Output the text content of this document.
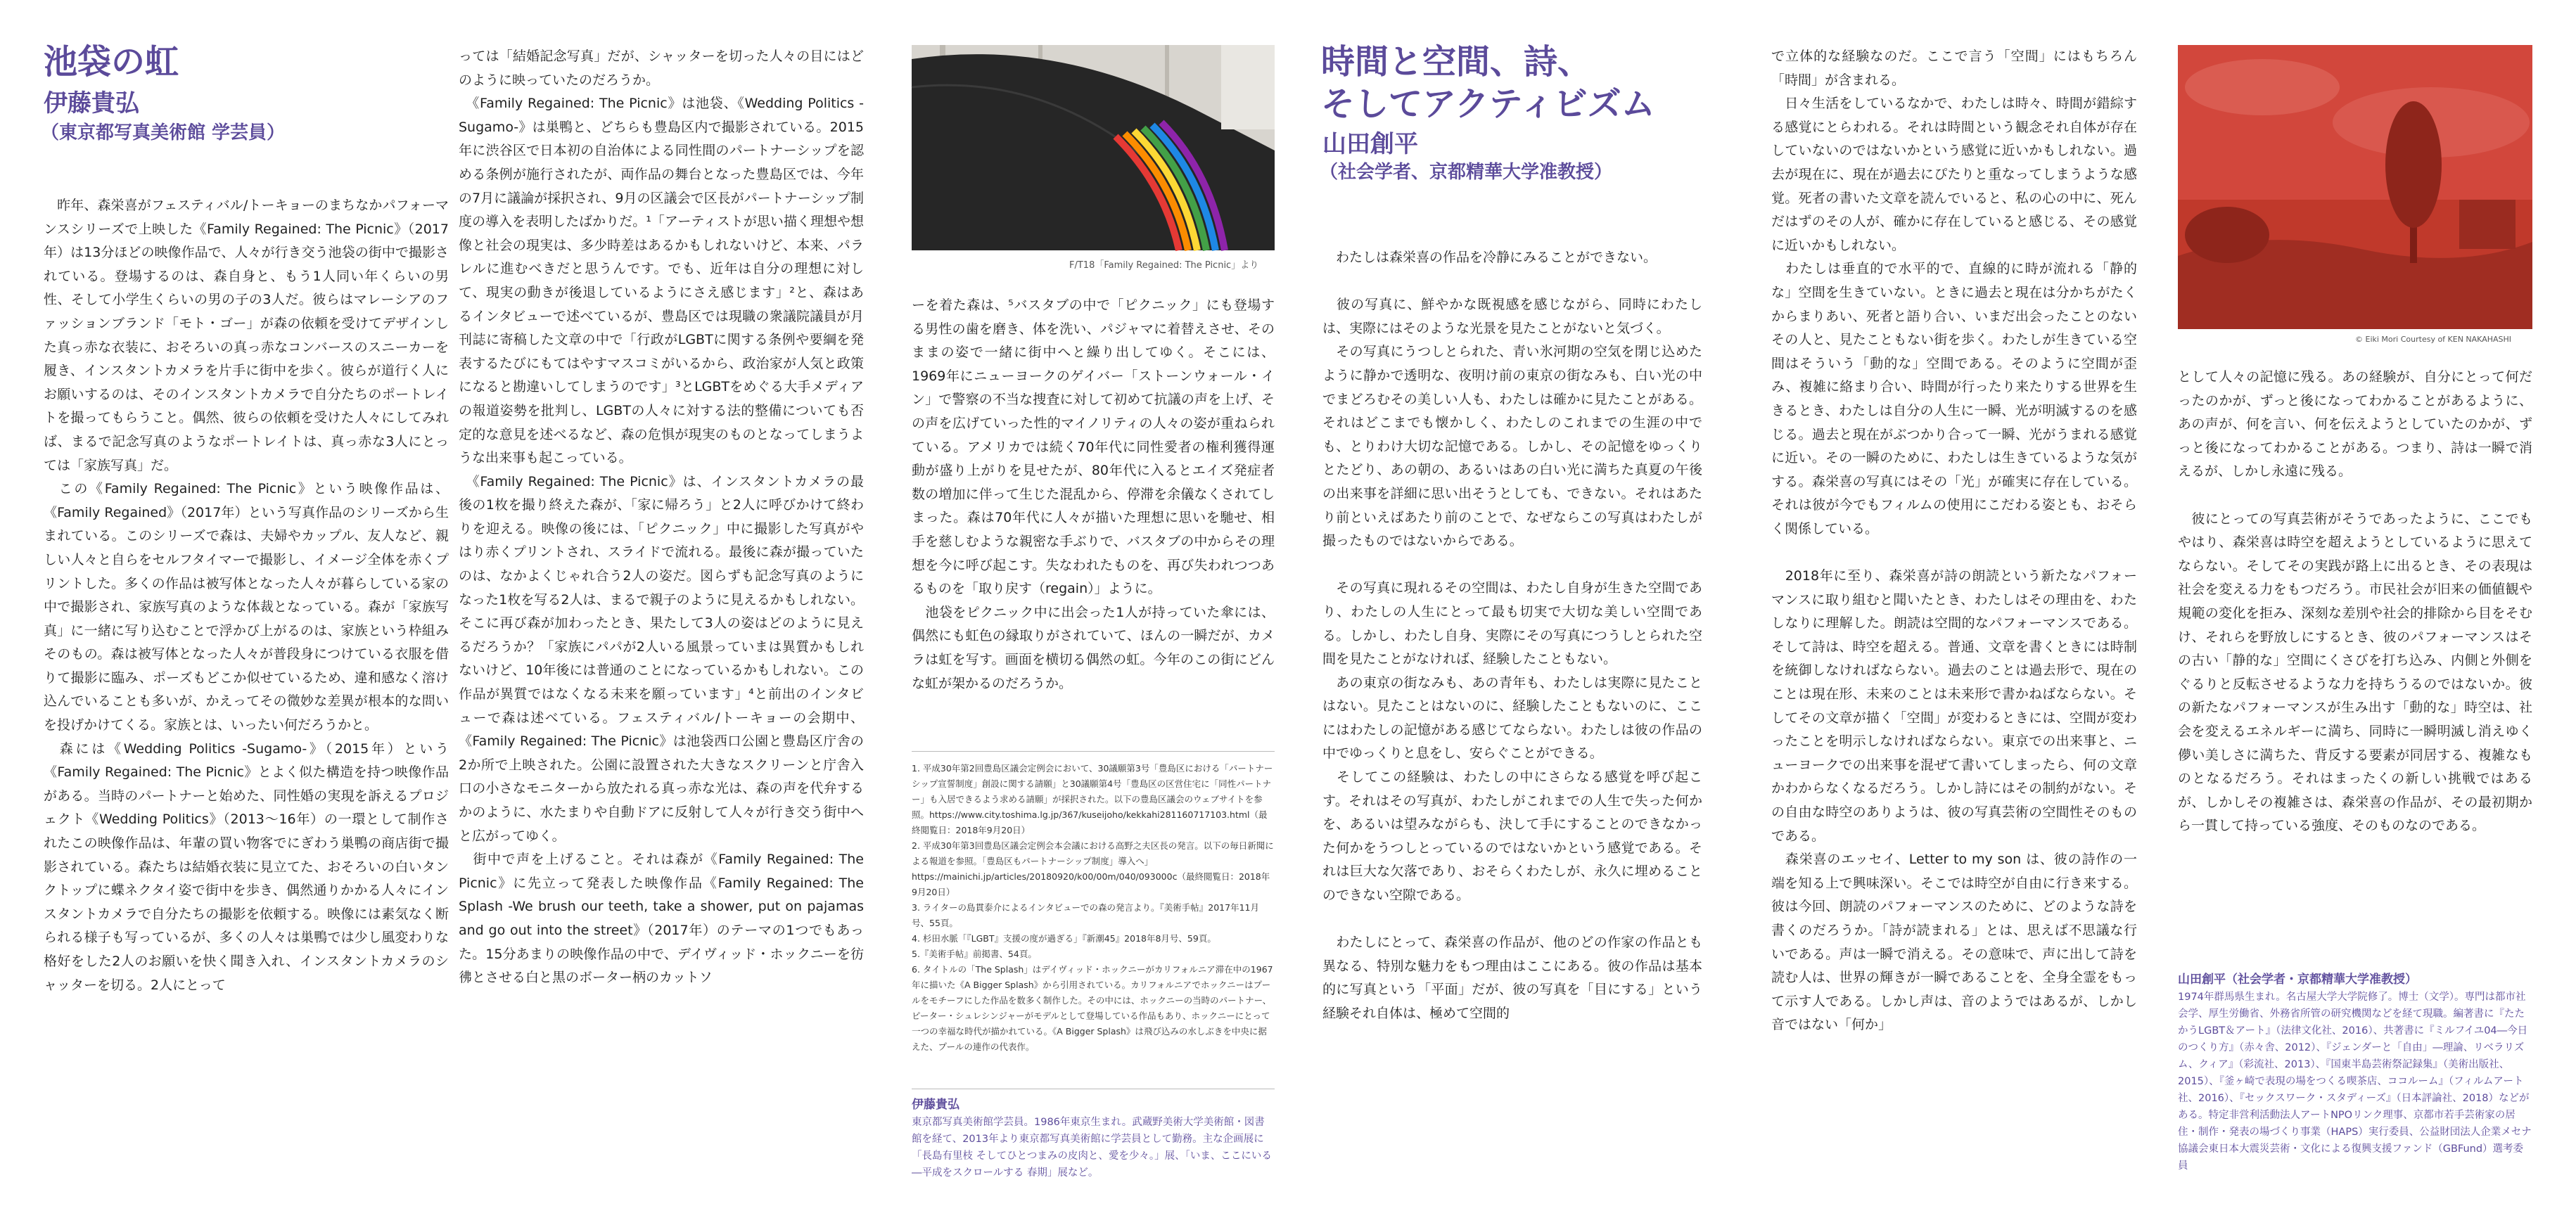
池袋の虹
伊藤貴弘
（東京都写真美術館 学芸員）
　昨年、森栄喜がフェスティバル/トーキョーのまちなかパフォーマンスシリーズで上映した《Family Regained: The Picnic》（2017年）は13分ほどの映像作品で、人々が行き交う池袋の街中で撮影されている。登場するのは、森自身と、もう1人同い年くらいの男性、そして小学生くらいの男の子の3人だ。彼らはマレーシアのファッションブランド「モト・ゴー」が森の依頼を受けてデザインした真っ赤な衣装に、おそろいの真っ赤なコンバースのスニーカーを履き、インスタントカメラを片手に街中を歩く。彼らが道行く人にお願いするのは、そのインスタントカメラで自分たちのポートレイトを撮ってもらうこと。偶然、彼らの依頼を受けた人々にしてみれば、まるで記念写真のようなポートレイトは、真っ赤な3人にとっては「家族写真」だ。
　この《Family Regained: The Picnic》という映像作品は、《Family Regained》（2017年）という写真作品のシリーズから生まれている。このシリーズで森は、夫婦やカップル、友人など、親しい人々と自らをセルフタイマーで撮影し、イメージ全体を赤くプリントした。多くの作品は被写体となった人々が暮らしている家の中で撮影され、家族写真のような体裁となっている。森が「家族写真」に一緒に写り込むことで浮かび上がるのは、家族という枠組みそのもの。森は被写体となった人々が普段身につけている衣服を借りて撮影に臨み、ポーズもどこか似せているため、違和感なく溶け込んでいることも多いが、かえってその微妙な差異が根本的な問いを投げかけてくる。家族とは、いったい何だろうかと。
　森には《Wedding Politics -Sugamo-》（2015年）という《Family Regained: The Picnic》とよく似た構造を持つ映像作品がある。当時のパートナーと始めた、同性婚の実現を訴えるプロジェクト《Wedding Politics》（2013～16年）の一環として制作されたこの映像作品は、年輩の買い物客でにぎわう巣鴨の商店街で撮影されている。森たちは結婚衣装に見立てた、おそろいの白いタンクトップに蝶ネクタイ姿で街中を歩き、偶然通りかかる人々にインスタントカメラで自分たちの撮影を依頼する。映像には素気なく断られる様子も写っているが、多くの人々は巣鴨では少し風変わりな格好をした2人のお願いを快く聞き入れ、インスタントカメラのシャッターを切る。2人にとって
っては「結婚記念写真」だが、シャッターを切った人々の目にはどのように映っていたのだろうか。
　《Family Regained: The Picnic》は池袋、《Wedding Politics -Sugamo-》は巣鴨と、どちらも豊島区内で撮影されている。2015年に渋谷区で日本初の自治体による同性間のパートナーシップを認める条例が施行されたが、両作品の舞台となった豊島区では、今年の7月に議論が採択され、9月の区議会で区長がパートナーシップ制度の導入を表明したばかりだ。¹「アーティストが思い描く理想や想像と社会の現実は、多少時差はあるかもしれないけど、本来、パラレルに進むべきだと思うんです。でも、近年は自分の理想に対して、現実の動きが後退しているようにさえ感じます」²と、森はあるインタビューで述べているが、豊島区では現職の衆議院議員が月刊誌に寄稿した文章の中で「行政がLGBTに関する条例や要綱を発表するたびにもてはやすマスコミがいるから、政治家が人気と政策になると勘違いしてしまうのです」³とLGBTをめぐる大手メディアの報道姿勢を批判し、LGBTの人々に対する法的整備についても否定的な意見を述べるなど、森の危惧が現実のものとなってしまうような出来事も起こっている。
　《Family Regained: The Picnic》は、インスタントカメラの最後の1枚を撮り終えた森が、「家に帰ろう」と2人に呼びかけて終わりを迎える。映像の後には、「ピクニック」中に撮影した写真がやはり赤くプリントされ、スライドで流れる。最後に森が撮っていたのは、なかよくじゃれ合う2人の姿だ。図らずも記念写真のようになった1枚を写る2人は、まるで親子のように見えるかもしれない。そこに再び森が加わったとき、果たして3人の姿はどのように見えるだろうか？「家族にパパが2人いる風景っていまは異質かもしれないけど、10年後には普通のことになっているかもしれない。この作品が異質ではなくなる未来を願っています」⁴と前出のインタビューで森は述べている。フェスティバル/トーキョーの会期中、《Family Regained: The Picnic》は池袋西口公園と豊島区庁舎の2か所で上映された。公園に設置された大きなスクリーンと庁舎入口の小さなモニターから放たれる真っ赤な光は、森の声を代弁するかのように、水たまりや自動ドアに反射して人々が行き交う街中へと広がってゆく。
　街中で声を上げること。それは森が《Family Regained: The Picnic》に先立って発表した映像作品《Family Regained: The Splash -We brush our teeth, take a shower, put on pajamas and go out into the street》（2017年）のテーマの1つでもあった。15分あまりの映像作品の中で、デイヴィッド・ホックニーを彷彿とさせる白と黒のボーター柄のカットソ
F/T18「Family Regained: The Picnic」より
ーを着た森は、⁵バスタブの中で「ピクニック」にも登場する男性の歯を磨き、体を洗い、パジャマに着替えさせ、そのままの姿で一緒に街中へと繰り出してゆく。そこには、1969年にニューヨークのゲイバー「ストーンウォール・イン」で警察の不当な捜査に対して初めて抗議の声を上げ、その声を広げていった性的マイノリティの人々の姿が重ねられている。アメリカでは続く70年代に同性愛者の権利獲得運動が盛り上がりを見せたが、80年代に入るとエイズ発症者数の増加に伴って生じた混乱から、停滞を余儀なくされてしまった。森は70年代に人々が描いた理想に思いを馳せ、相手を慈しむような親密な手ぶりで、バスタブの中からその理想を今に呼び起こす。失なわれたものを、再び失われつつあるものを「取り戻す（regain）」ように。
　池袋をピクニック中に出会った1人が持っていた傘には、偶然にも虹色の縁取りがされていて、ほんの一瞬だが、カメラは虹を写す。画面を横切る偶然の虹。今年のこの街にどんな虹が架かるのだろうか。
1. 平成30年第2回豊島区議会定例会において、30議願第3号「豊島区における「パートナーシップ宣誓制度」創設に関する請願」と30議願第4号「豊島区の区営住宅に「同性パートナー」も入居できるよう求める請願」が採択された。以下の豊島区議会のウェブサイトを参照。https://www.city.toshima.lg.jp/367/kuseijoho/kekkahi281160717103.html（最終閲覧日：2018年9月20日）
2. 平成30年第3回豊島区議会定例会本会議における高野之夫区長の発言。以下の毎日新聞による報道を参照。「豊島区もパートナーシップ制度」導入へ」https://mainichi.jp/articles/20180920/k00/00m/040/093000c（最終閲覧日：2018年9月20日）
3. ライターの島貫泰介によるインタビューでの森の発言より。『美術手帖』2017年11月号、55頁。
4. 杉田水脈「『LGBT』支援の度が過ぎる」『新潮45』2018年8月号、59頁。
5.『美術手帖』前掲書、54頁。
6. タイトルの「The Splash」はデイヴィッド・ホックニーがカリフォルニア滞在中の1967年に描いた《A Bigger Splash》から引用されている。カリフォルニアでホックニーはプールをモチーフにした作品を数多く制作した。その中には、ホックニーの当時のパートナー、ピーター・シュレシンジャーがモデルとして登場している作品もあり、ホックニーにとって一つの幸福な時代が描かれている。《A Bigger Splash》は飛び込みの水しぶきを中央に据えた、プールの連作の代表作。
伊藤貴弘
東京都写真美術館学芸員。1986年東京生まれ。武蔵野美術大学美術館・図書館を経て、2013年より東京都写真美術館に学芸員として勤務。主な企画展に「長島有里枝 そしてひとつまみの皮肉と、愛を少々。」展、「いま、ここにいる―平成をスクロールする 春期」展など。
時間と空間、詩、
そしてアクティビズム
山田創平
（社会学者、京都精華大学准教授）
　わたしは森栄喜の作品を冷静にみることができない。

　彼の写真に、鮮やかな既視感を感じながら、同時にわたしは、実際にはそのような光景を見たことがないと気づく。
　その写真にうつしとられた、青い氷河期の空気を閉じ込めたように静かで透明な、夜明け前の東京の街なみも、白い光の中でまどろむその美しい人も、わたしは確かに見たことがある。それはどこまでも懐かしく、わたしのこれまでの生涯の中でも、とりわけ大切な記憶である。しかし、その記憶をゆっくりとたどり、あの朝の、あるいはあの白い光に満ちた真夏の午後の出来事を詳細に思い出そうとしても、できない。それはあたり前といえばあたり前のことで、なぜならこの写真はわたしが撮ったものではないからである。

　その写真に現れるその空間は、わたし自身が生きた空間であり、わたしの人生にとって最も切実で大切な美しい空間である。しかし、わたし自身、実際にその写真につうしとられた空間を見たことがなければ、経験したこともない。
　あの東京の街なみも、あの青年も、わたしは実際に見たことはない。見たことはないのに、経験したこともないのに、ここにはわたしの記憶がある感じてならない。わたしは彼の作品の中でゆっくりと息をし、安らぐことができる。
　そしてこの経験は、わたしの中にさらなる感覚を呼び起こす。それはその写真が、わたしがこれまでの人生で失った何かを、あるいは望みながらも、決して手にすることのできなかった何かをうつしとっているのではないかという感覚である。それは巨大な欠落であり、おそらくわたしが、永久に埋めることのできない空隙である。

　わたしにとって、森栄喜の作品が、他のどの作家の作品とも異なる、特別な魅力をもつ理由はここにある。彼の作品は基本的に写真という「平面」だが、彼の写真を「目にする」という経験それ自体は、極めて空間的
で立体的な経験なのだ。ここで言う「空間」にはもちろん「時間」が含まれる。
　日々生活をしているなかで、わたしは時々、時間が錯綜する感覚にとらわれる。それは時間という観念それ自体が存在していないのではないかという感覚に近いかもしれない。過去が現在に、現在が過去にぴたりと重なってしまうような感覚。死者の書いた文章を読んでいると、私の心の中に、死んだはずのその人が、確かに存在していると感じる、その感覚に近いかもしれない。
　わたしは垂直的で水平的で、直線的に時が流れる「静的な」空間を生きていない。ときに過去と現在は分かちがたくからまりあい、死者と語り合い、いまだ出会ったことのないその人と、見たこともない街を歩く。わたしが生きている空間はそういう「動的な」空間である。そのように空間が歪み、複雑に絡まり合い、時間が行ったり来たりする世界を生きるとき、わたしは自分の人生に一瞬、光が明滅するのを感じる。過去と現在がぶつかり合って一瞬、光がうまれる感覚に近い。その一瞬のために、わたしは生きているような気がする。森栄喜の写真にはその「光」が確実に存在している。それは彼が今でもフィルムの使用にこだわる姿とも、おそらく関係している。

　2018年に至り、森栄喜が詩の朗読という新たなパフォーマンスに取り組むと聞いたとき、わたしはその理由を、わたしなりに理解した。朗読は空間的なパフォーマンスである。そして詩は、時空を超える。普通、文章を書くときには時制を統御しなければならない。過去のことは過去形で、現在のことは現在形、未来のことは未来形で書かねばならない。そしてその文章が描く「空間」が変わるときには、空間が変わったことを明示しなければならない。東京での出来事と、ニューヨークでの出来事を混ぜて書いてしまったら、何の文章かわからなくなるだろう。しかし詩にはその制約がない。その自由な時空のありようは、彼の写真芸術の空間性そのものである。
　森栄喜のエッセイ、Letter to my son は、彼の詩作の一端を知る上で興味深い。そこでは時空が自由に行き来する。彼は今回、朗読のパフォーマンスのために、どのような詩を書くのだろうか。「詩が読まれる」とは、思えば不思議な行いである。声は一瞬で消える。その意味で、声に出して詩を読む人は、世界の輝きが一瞬であることを、全身全霊をもって示す人である。しかし声は、音のようではあるが、しかし音ではない「何か」
© Eiki Mori Courtesy of KEN NAKAHASHI
として人々の記憶に残る。あの経験が、自分にとって何だったのかが、ずっと後になってわかることがあるように、あの声が、何を言い、何を伝えようとしていたのかが、ずっと後になってわかることがある。つまり、詩は一瞬で消えるが、しかし永遠に残る。

　彼にとっての写真芸術がそうであったように、ここでもやはり、森栄喜は時空を超えようとしているように思えてならない。そしてその実践が路上に出るとき、その表現は社会を変える力をもつだろう。市民社会が旧来の価値観や規範の変化を拒み、深刻な差別や社会的排除から目をそむけ、それらを野放しにするとき、彼のパフォーマンスはその古い「静的な」空間にくさびを打ち込み、内側と外側をぐるりと反転させるような力を持ちうるのではないか。彼の新たなパフォーマンスが生み出す「動的な」時空は、社会を変えるエネルギーに満ち、同時に一瞬明滅し消えゆく儚い美しさに満ちた、背反する要素が同居する、複雑なものとなるだろう。それはまったくの新しい挑戦ではあるが、しかしその複雑さは、森栄喜の作品が、その最初期から一貫して持っている強度、そのものなのである。
山田創平（社会学者・京都精華大学准教授）
1974年群馬県生まれ。名古屋大学大学院修了。博士（文学）。専門は都市社会学、厚生労働省、外務省所管の研究機関などを経て現職。編著書に『たたかうLGBT＆アート』（法律文化社、2016）、共著書に『ミルフイユ04―今日のつくり方』（赤々舎、2012）、『ジェンダーと「自由」―理論、リベラリズム、クィア』（彩流社、2013）、『国東半島芸術祭記録集』（美術出版社、2015）、『釜ヶ崎で表現の場をつくる喫茶店、ココルーム』（フィルムアート社、2016）、『セックスワーク・スタディーズ』（日本評論社、2018）などがある。特定非営利活動法人アートNPOリンク理事、京都市若手芸術家の居住・制作・発表の場づくり事業（HAPS）実行委員、公益財団法人企業メセナ協議会東日本大震災芸術・文化による復興支援ファンド（GBFund）選考委員
